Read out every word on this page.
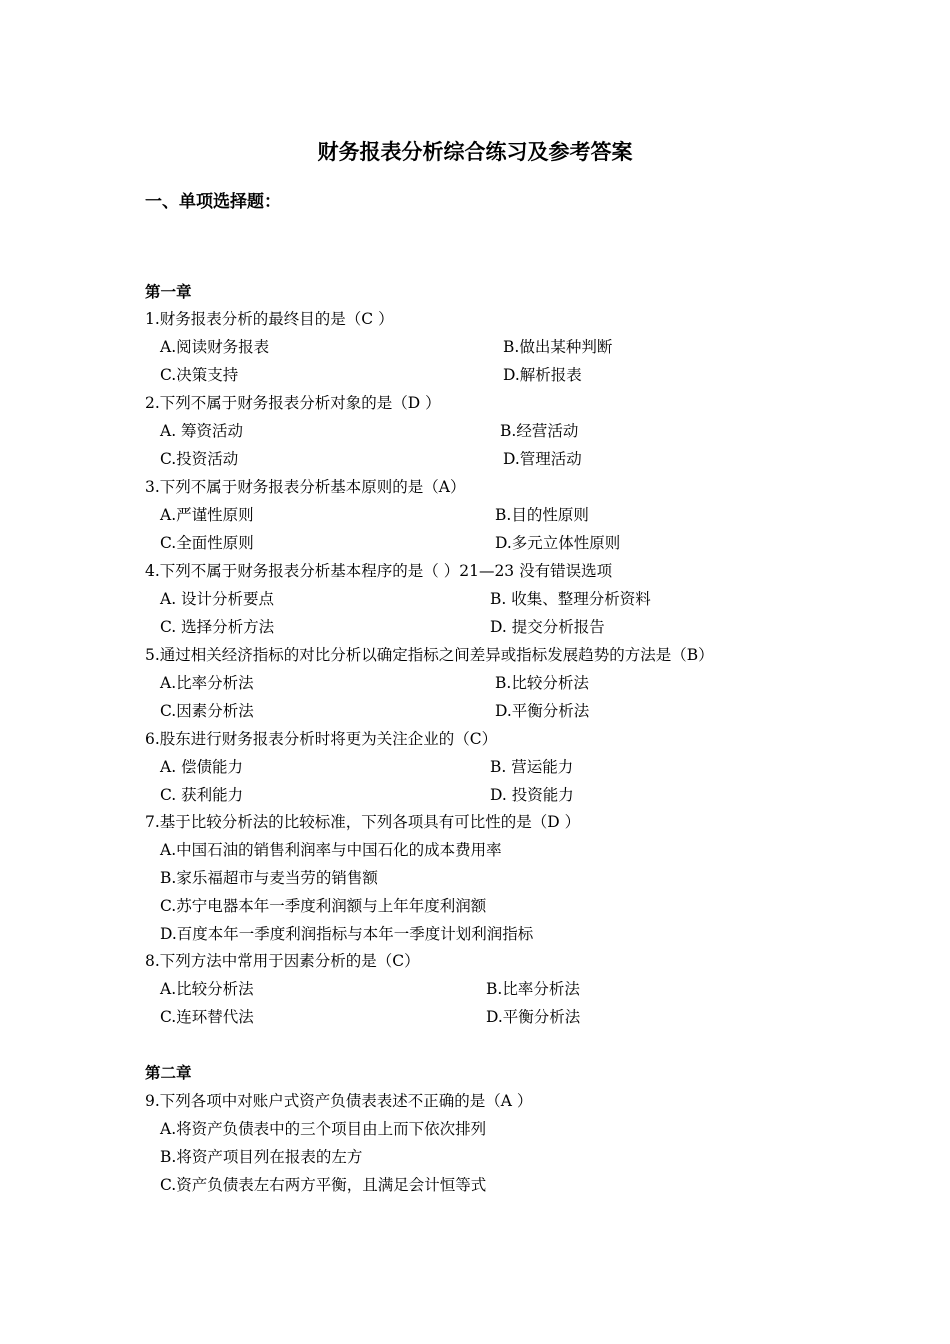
财务报表分析综合练习及参考答案
一、单项选择题：
第一章
1.财务报表分析的最终目的是（C ）
A.阅读财务报表	B.做出某种判断
C.决策支持	D.解析报表
2.下列不属于财务报表分析对象的是（D ）
A. 筹资活动	B.经营活动
C.投资活动	D.管理活动
3.下列不属于财务报表分析基本原则的是（A）
A.严谨性原则	B.目的性原则
C.全面性原则	D.多元立体性原则
4.下列不属于财务报表分析基本程序的是（ ）21—23 没有错误选项
A. 设计分析要点	B. 收集、整理分析资料
C. 选择分析方法	D. 提交分析报告
5.通过相关经济指标的对比分析以确定指标之间差异或指标发展趋势的方法是（B）
A.比率分析法	B.比较分析法
C.因素分析法	D.平衡分析法
6.股东进行财务报表分析时将更为关注企业的（C）
A. 偿债能力	B. 营运能力
C. 获利能力	D. 投资能力
7.基于比较分析法的比较标准，下列各项具有可比性的是（D ）
A.中国石油的销售利润率与中国石化的成本费用率
B.家乐福超市与麦当劳的销售额
C.苏宁电器本年一季度利润额与上年年度利润额
D.百度本年一季度利润指标与本年一季度计划利润指标
8.下列方法中常用于因素分析的是（C）
A.比较分析法	B.比率分析法
C.连环替代法	D.平衡分析法
第二章
9.下列各项中对账户式资产负债表表述不正确的是（A ）
A.将资产负债表中的三个项目由上而下依次排列
B.将资产项目列在报表的左方
C.资产负债表左右两方平衡，且满足会计恒等式
